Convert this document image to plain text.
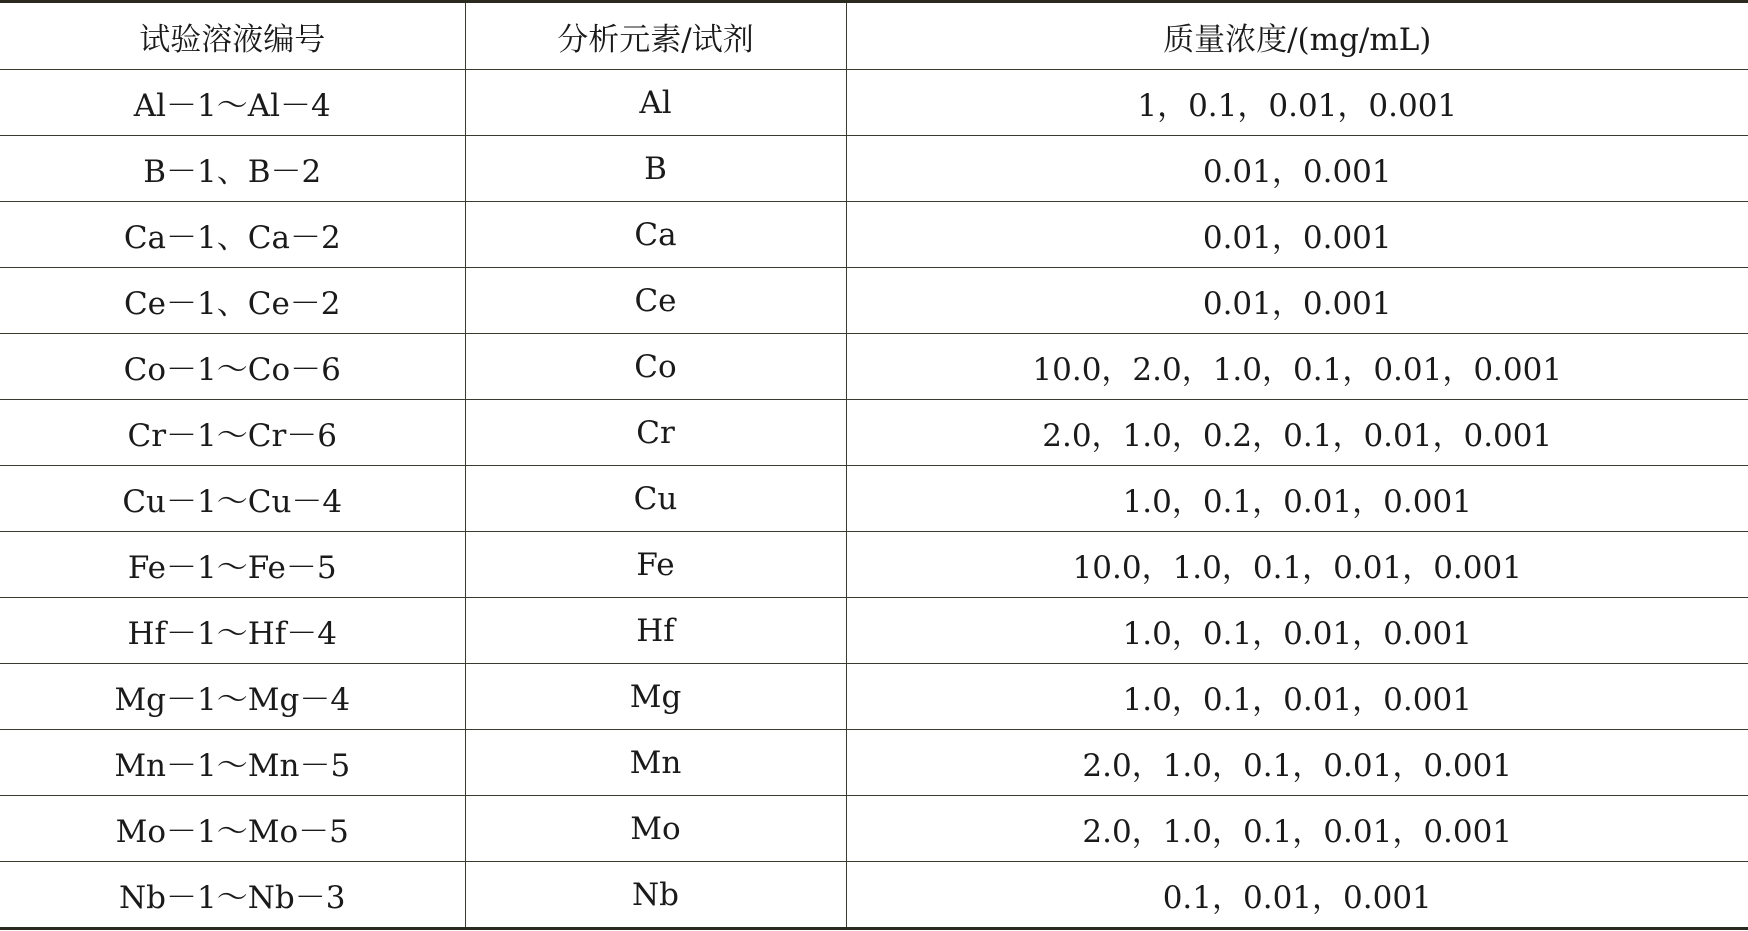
试验溶液编号	分析元素/试剂	质量浓度/(mg/mL)
Al－1～Al－4	Al	1，0.1，0.01，0.001
B－1、B－2	B	0.01，0.001
Ca－1、Ca－2	Ca	0.01，0.001
Ce－1、Ce－2	Ce	0.01，0.001
Co－1～Co－6	Co	10.0，2.0，1.0，0.1，0.01，0.001
Cr－1～Cr－6	Cr	2.0，1.0，0.2，0.1，0.01，0.001
Cu－1～Cu－4	Cu	1.0，0.1，0.01，0.001
Fe－1～Fe－5	Fe	10.0，1.0，0.1，0.01，0.001
Hf－1～Hf－4	Hf	1.0，0.1，0.01，0.001
Mg－1～Mg－4	Mg	1.0，0.1，0.01，0.001
Mn－1～Mn－5	Mn	2.0，1.0，0.1，0.01，0.001
Mo－1～Mo－5	Mo	2.0，1.0，0.1，0.01，0.001
Nb－1～Nb－3	Nb	0.1，0.01，0.001
